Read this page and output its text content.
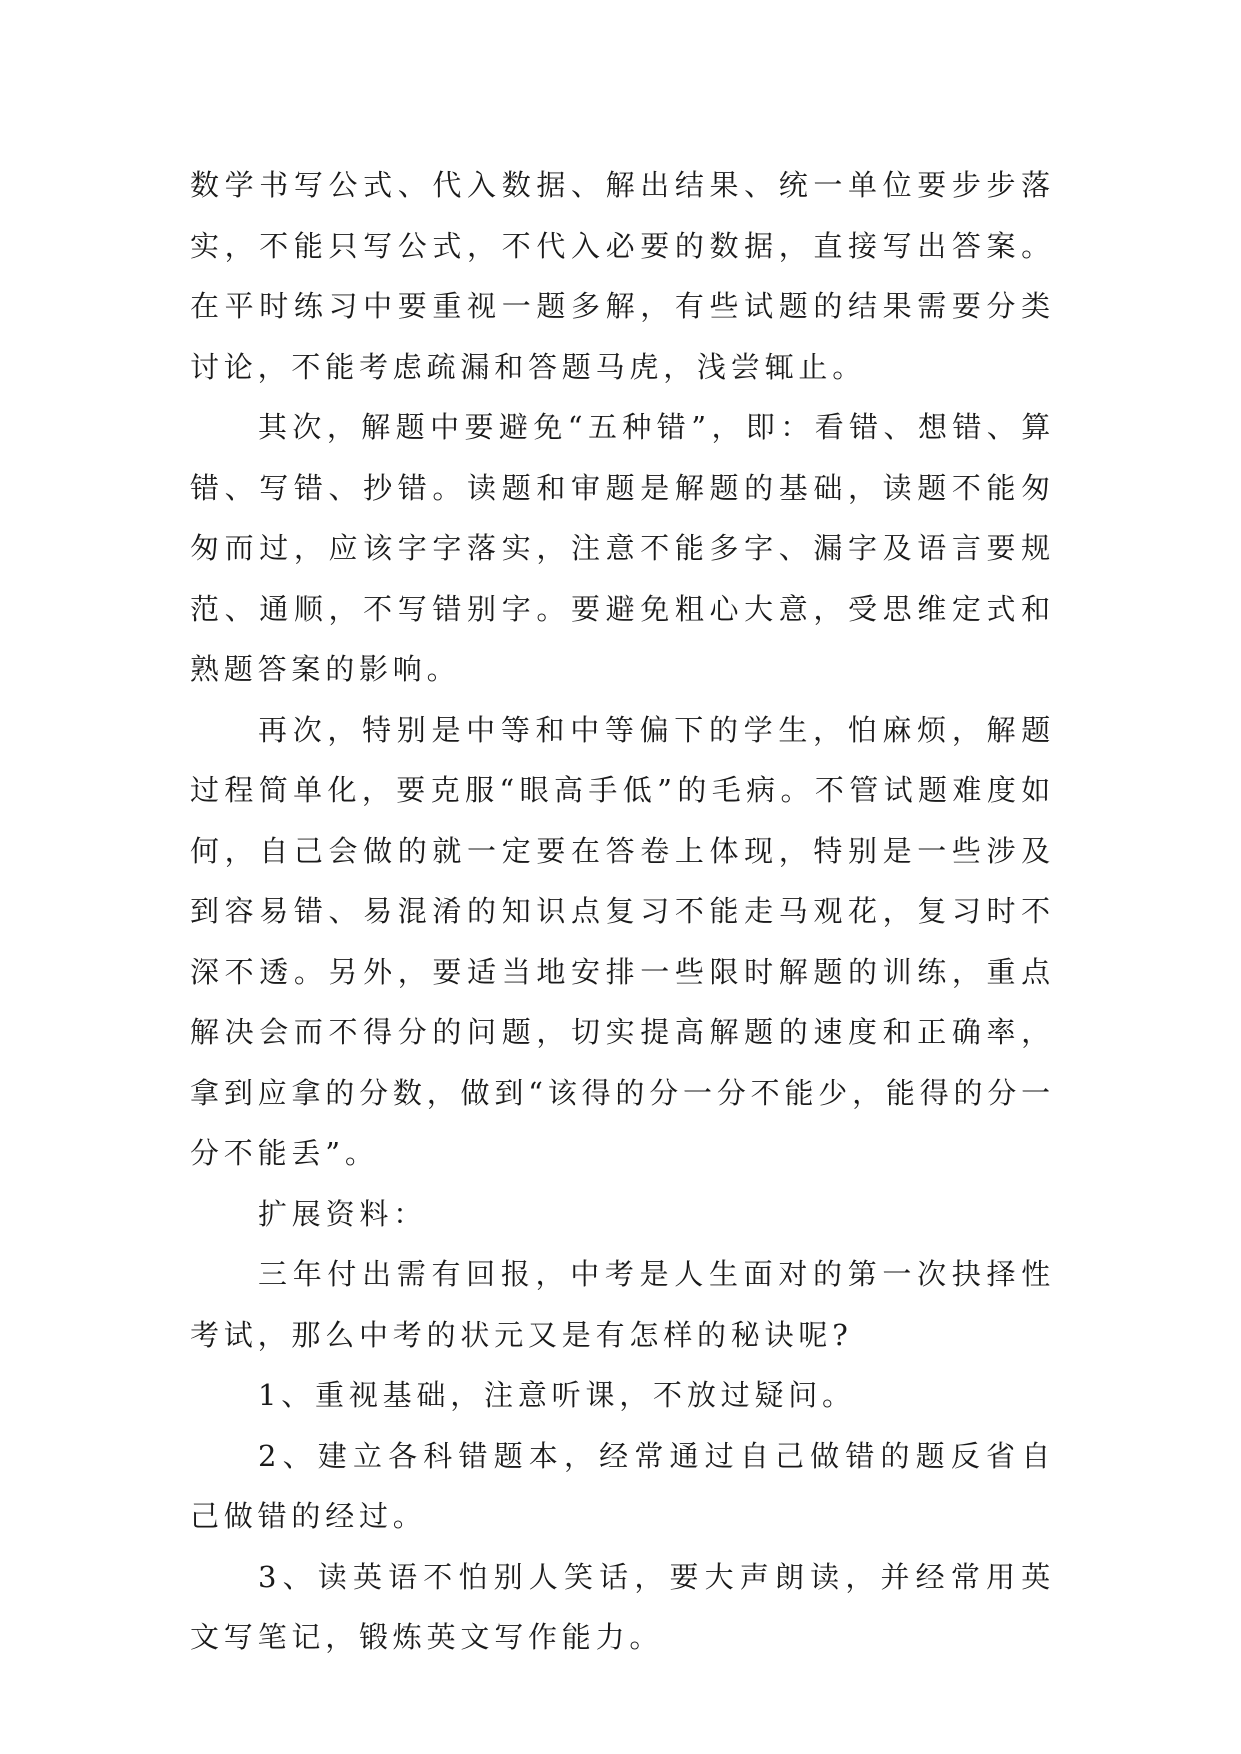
数学书写公式、代入数据、解出结果、统一单位要步步落实，不能只写公式，不代入必要的数据，直接写出答案。在平时练习中要重视一题多解，有些试题的结果需要分类讨论，不能考虑疏漏和答题马虎，浅尝辄止。

其次，解题中要避免“五种错”，即：看错、想错、算错、写错、抄错。读题和审题是解题的基础，读题不能匆匆而过，应该字字落实，注意不能多字、漏字及语言要规范、通顺，不写错别字。要避免粗心大意，受思维定式和熟题答案的影响。

再次，特别是中等和中等偏下的学生，怕麻烦，解题过程简单化，要克服“眼高手低”的毛病。不管试题难度如何，自己会做的就一定要在答卷上体现，特别是一些涉及到容易错、易混淆的知识点复习不能走马观花，复习时不深不透。另外，要适当地安排一些限时解题的训练，重点解决会而不得分的问题，切实提高解题的速度和正确率，拿到应拿的分数，做到“该得的分一分不能少，能得的分一分不能丢”。

扩展资料：

三年付出需有回报，中考是人生面对的第一次抉择性考试，那么中考的状元又是有怎样的秘诀呢?

1、重视基础，注意听课，不放过疑问。

2、建立各科错题本，经常通过自己做错的题反省自己做错的经过。

3、读英语不怕别人笑话，要大声朗读，并经常用英文写笔记，锻炼英文写作能力。
